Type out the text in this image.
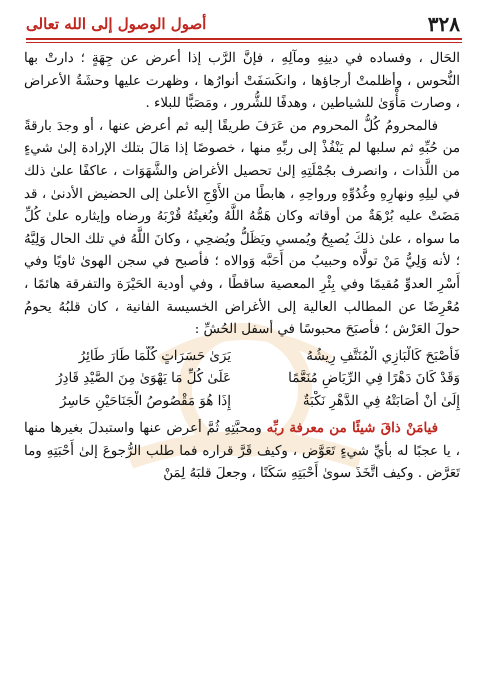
٣٢٨
أصول الوصول إلى الله تعالى

الحَال ، وفساده في دينِهِ ومآلِهِ ، فإنَّ الرَّب إذا أعرض عن جِهَةٍ ؛ دارتْ بها النُّحوس ، وأظلمتْ أرجاؤها ، وانكَسَفَتْ أنوارُها ، وظهرت عليها وحشَةُ الأعراض ، وصارت مَأْوَىٰ للشياطين ، وهدفًا للشُّرور ، ومَصَبًّا للبلاء .

فالمحرومُ كُلُّ المحروم من عَرَفَ طريقًا إليه ثم أعرض عنها ، أو وجدَ بارقةً من حُبِّهِ ثم سلبها لم يَنْفُذْ إلى ربِّهِ منها ، خصوصًا إذا مَالَ بتلك الإرادة إلىٰ شيءٍ من اللَّذات ، وانصرف بجُمْلَتِهِ إلىٰ تحصيل الأغراض والشَّهَوَات ، عاكفًا علىٰ ذلك في ليلِهِ ونهارِهِ وغُدُوِّهِ ورواحِهِ ، هابطًا من الأَوْجِ الأعلىٰ إلى الحضيض الأدنىٰ ، قد مَضَتْ عليه بُرْهَةٌ من أوقاته وكان هَمُّهُ اللَّهُ وبُغيتُهُ قُرْبَهُ ورضاه وإيثاره علىٰ كُلِّ ما سواه ، علىٰ ذلكَ يُصبِحُ ويُمسي ويَظَلُّ ويُضحِي ، وكانَ اللَّهُ في تلك الحال وَلِيَّهُ ؛ لأنه وَلِيُّ مَنْ تولَّاه وحبيبُ من أَحَبَّه وَوالاه ؛ فأصبح في سجن الهوىٰ ثاويًا وفي أَسْرِ العدوِّ مُقيمًا وفي بِئْرِ المعصية ساقطًا ، وفي أودية الحَيْرَة والتفرقة هائمًا ، مُعْرِضًا عن المطالب العالية إلى الأغراض الخسيسة الفانية ، كان قلبُهُ يحومُ حولَ العَرْش ؛ فأصبَحَ محبوسًا في أسفل الحُشِّ :

فَأَصْبَحَ كَالْبَازِي الْمُنَتَّفِ رِيشُهُ
يَرَىٰ حَسَرَاتٍ كُلَّمَا طَارَ طَائِرُ
وَقَدْ كَانَ دَهْرًا فِي الرِّيَاضِ مُنَعَّمًا
عَلَىٰ كُلِّ مَا يَهْوَىٰ مِنَ الصَّيْدِ قَادِرُ
إِلَىٰ أَنْ أَصَابَتْهُ فِي الدَّهْرِ نَكْبَةٌ
إِذَا هُوَ مَقْصُوصُ الْجَنَاحَيْنِ حَاسِرُ

فيامَنْ ذاقَ شيئًا من معرفة ربِّه ومحبَّتِهِ ثُمَّ أعرض عنها واستبدلَ بغيرها منها ، يا عجبًا له بأيِّ شيءٍ تَعَوَّض ، وكيف قَرَّ قراره فما طلب الرُّجوعَ إلىٰ أَحْبَتِهِ وما تَعَرَّض . وكيف اتَّخَذَ سوىٰ أَحْبَتِهِ سَكَنًا ، وجعلَ قلبَهُ لِمَنْ
